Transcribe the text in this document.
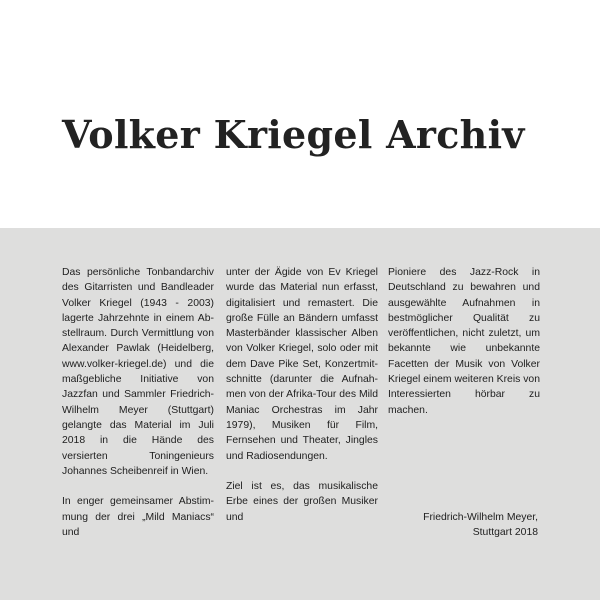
Volker Kriegel Archiv

Das persönliche Tonbandarchiv des Gitarristen und Bandleader Volker Kriegel (1943 - 2003) lagerte Jahrzehnte in einem Abstellraum. Durch Vermittlung von Alexander Pawlak (Heidelberg, www.volker-kriegel.de) und die maßgebliche Initiative von Jazzfan und Sammler Friedrich-Wilhelm Meyer (Stuttgart) gelangte das Material im Juli 2018 in die Hände des versierten Toningenieurs Johannes Scheibenreif in Wien.

In enger gemeinsamer Abstimmung der drei „Mild Maniacs“ und

unter der Ägide von Ev Kriegel wurde das Material nun erfasst, digitalisiert und remastert. Die große Fülle an Bändern umfasst Masterbänder klassischer Alben von Volker Kriegel, solo oder mit dem Dave Pike Set, Konzertmitschnitte (darunter die Aufnahmen von der Afrika-Tour des Mild Maniac Orchestras im Jahr 1979), Musiken für Film, Fernsehen und Theater, Jingles und Radiosendungen.

Ziel ist es, das musikalische Erbe eines der großen Musiker und

Pioniere des Jazz-Rock in Deutschland zu bewahren und ausgewählte Aufnahmen in bestmöglicher Qualität zu veröffentlichen, nicht zuletzt, um bekannte wie unbekannte Facetten der Musik von Volker Kriegel einem weiteren Kreis von Interessierten hörbar zu machen.

Friedrich-Wilhelm Meyer,
Stuttgart 2018
